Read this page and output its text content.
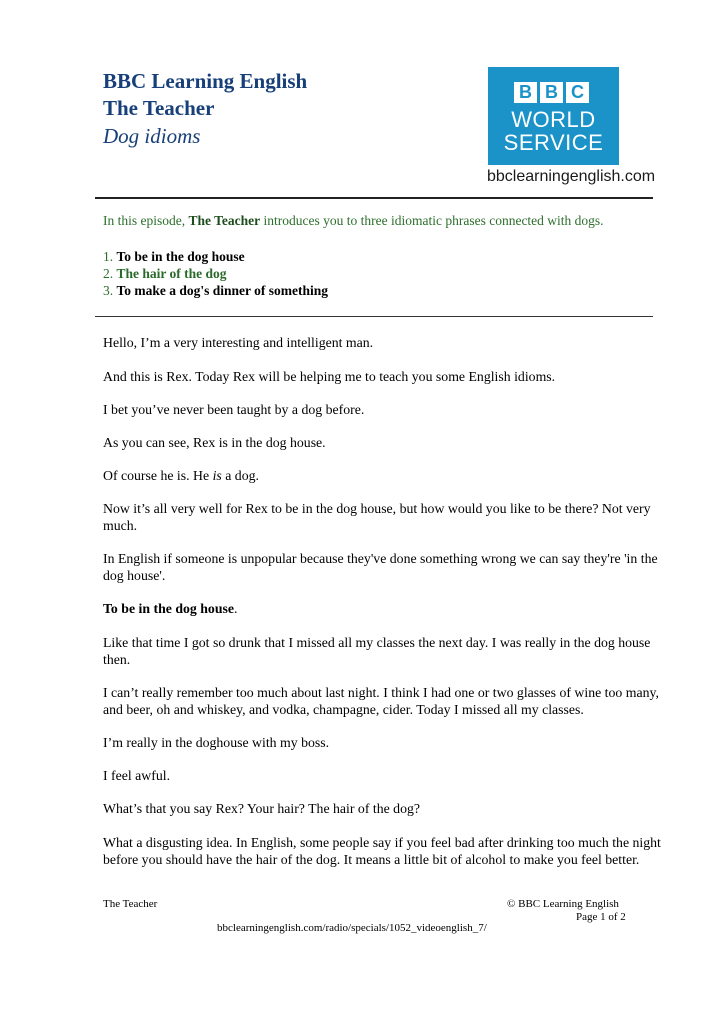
BBC Learning English
The Teacher
Dog idioms
B B C
WORLD
SERVICE
bbclearningenglish.com
In this episode, The Teacher introduces you to three idiomatic phrases connected with dogs.
1. To be in the dog house
2. The hair of the dog
3. To make a dog's dinner of something
Hello, I’m a very interesting and intelligent man.
And this is Rex. Today Rex will be helping me to teach you some English idioms.
I bet you’ve never been taught by a dog before.
As you can see, Rex is in the dog house.
Of course he is. He is a dog.
Now it’s all very well for Rex to be in the dog house, but how would you like to be there? Not very much.
In English if someone is unpopular because they've done something wrong we can say they're 'in the dog house'.
To be in the dog house.
Like that time I got so drunk that I missed all my classes the next day. I was really in the dog house then.
I can’t really remember too much about last night. I think I had one or two glasses of wine too many, and beer, oh and whiskey, and vodka, champagne, cider. Today I missed all my classes.
I’m really in the doghouse with my boss.
I feel awful.
What’s that you say Rex? Your hair? The hair of the dog?
What a disgusting idea. In English, some people say if you feel bad after drinking too much the night before you should have the hair of the dog. It means a little bit of alcohol to make you feel better.
The Teacher	© BBC Learning English
Page 1 of 2
bbclearningenglish.com/radio/specials/1052_videoenglish_7/
